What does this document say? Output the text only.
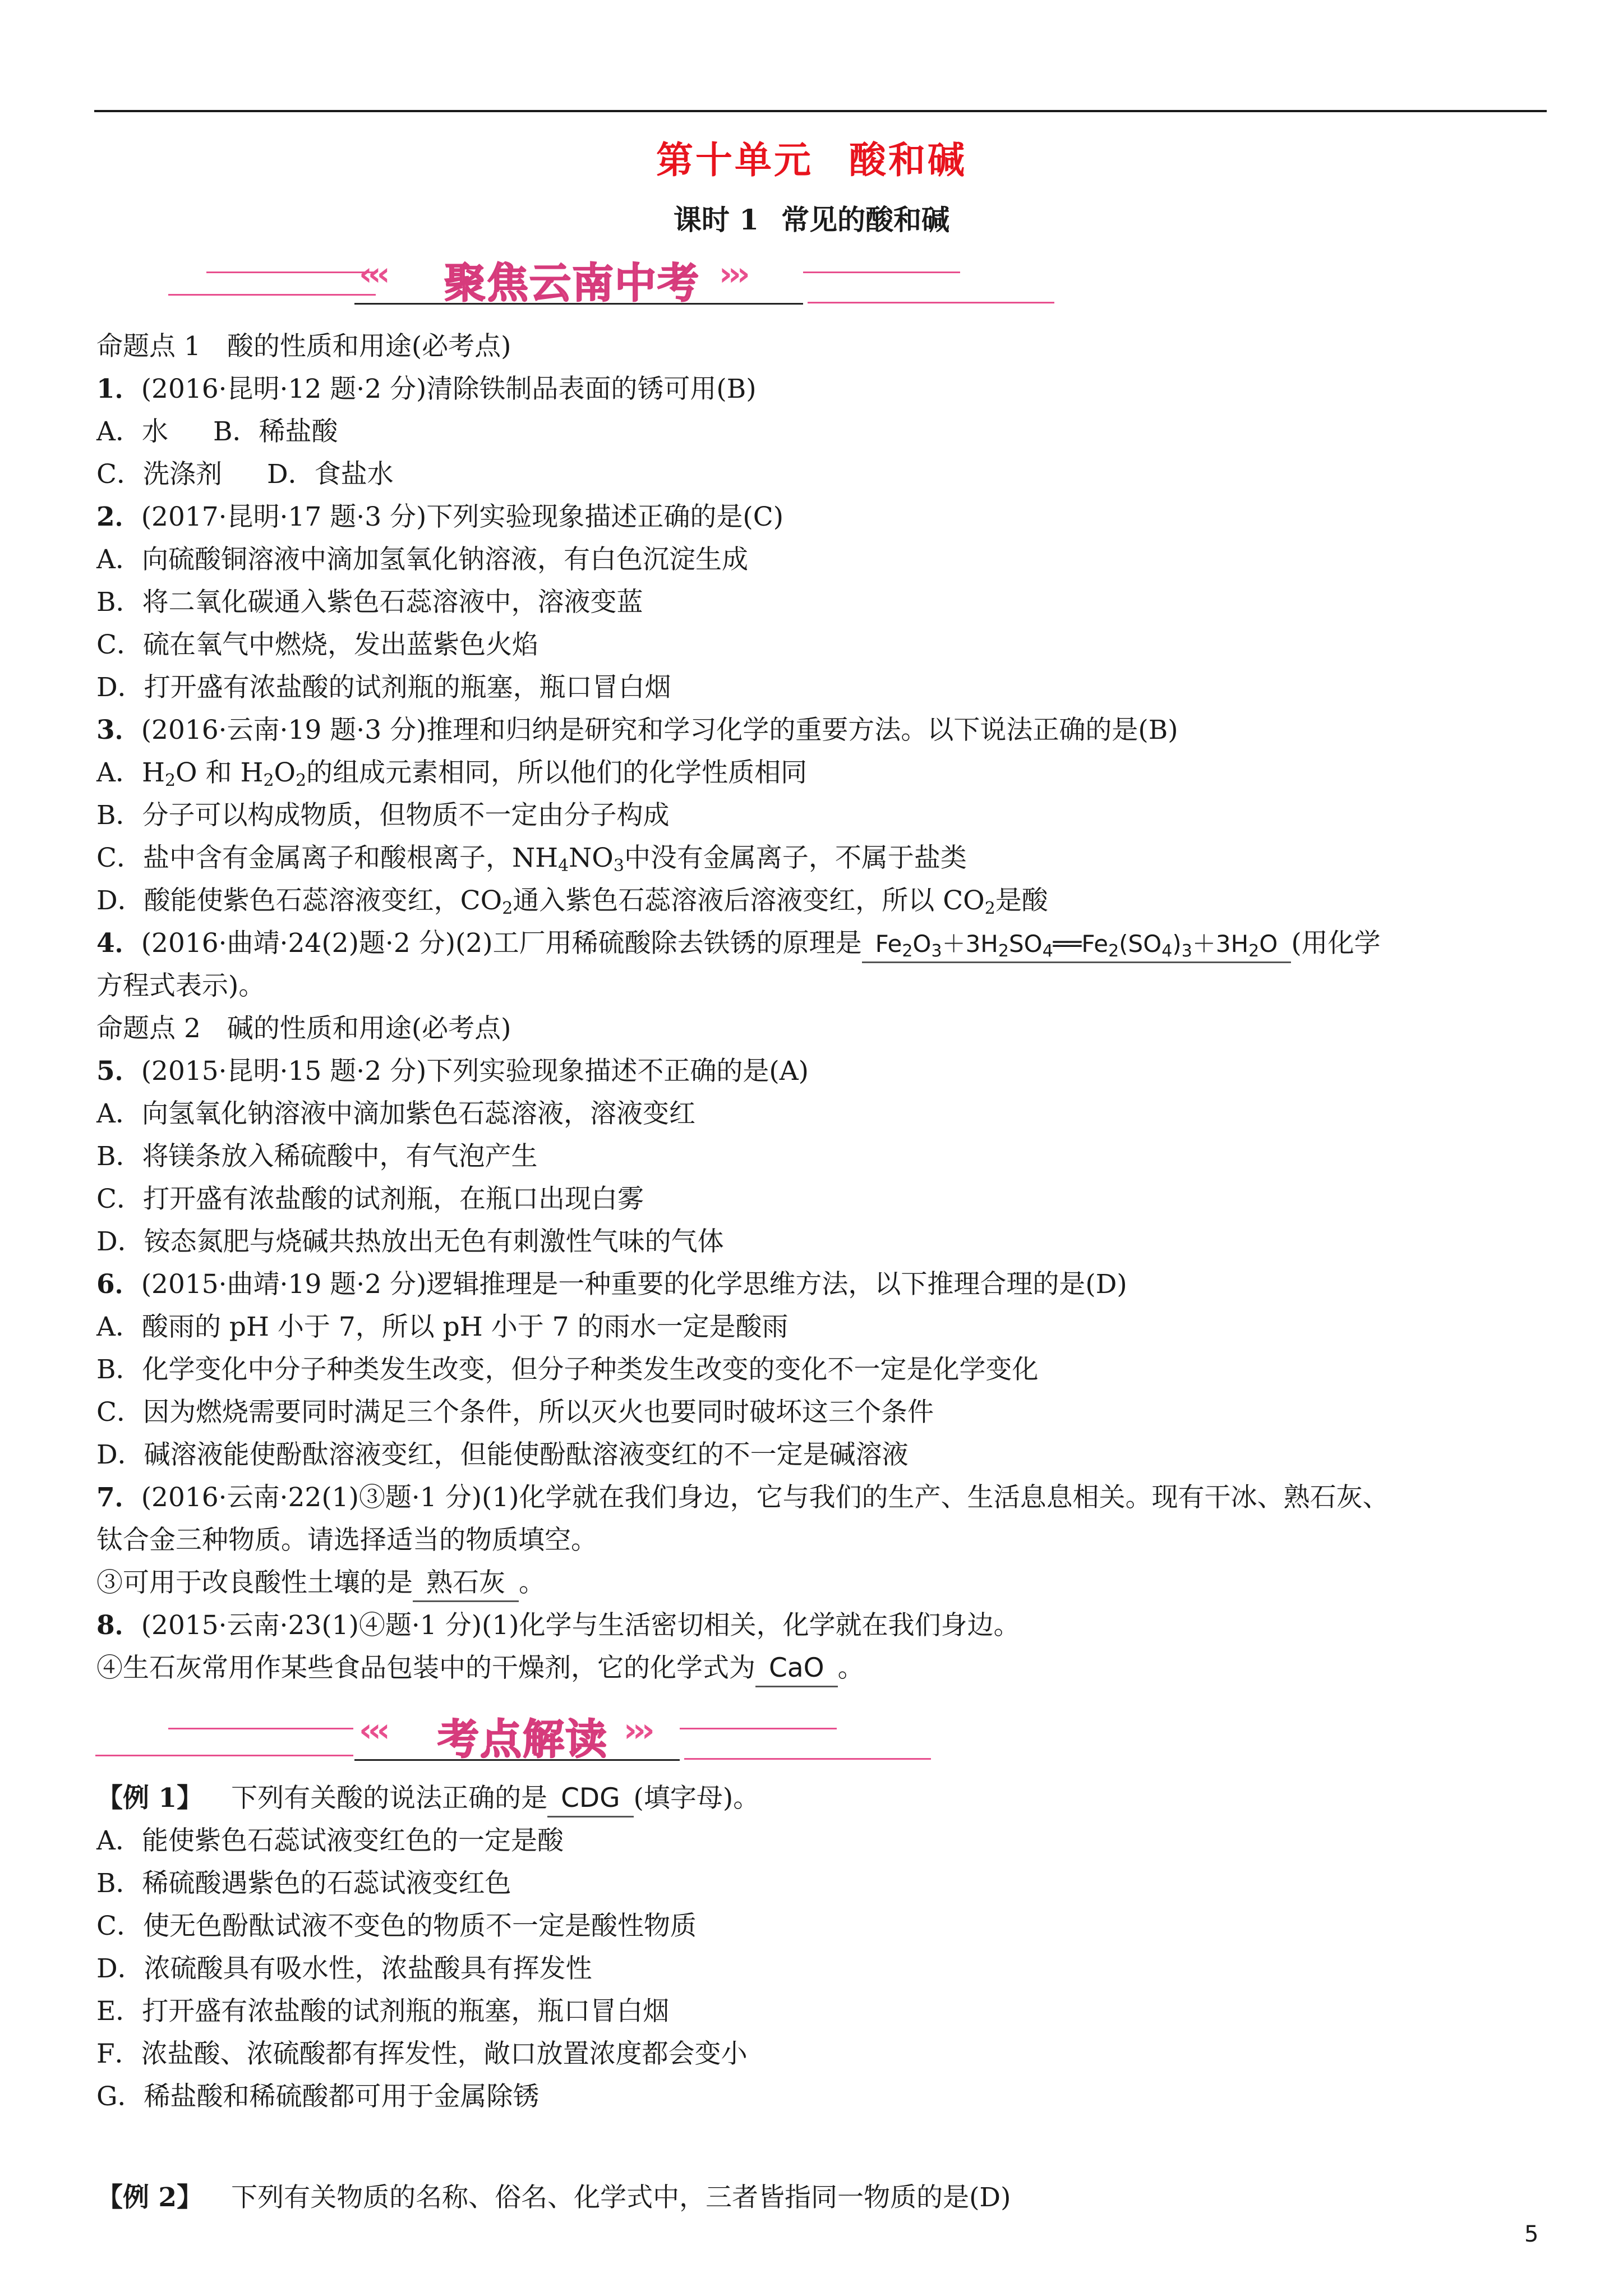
第十单元 酸和碱
课时 1 常见的酸和碱
‹‹‹ 聚焦云南中考 ›››
命题点 1　酸的性质和用途(必考点)
1．(2016·昆明·12 题·2 分)清除铁制品表面的锈可用(B)
A．水 B．稀盐酸
C．洗涤剂 D．食盐水
2．(2017·昆明·17 题·3 分)下列实验现象描述正确的是(C)
A．向硫酸铜溶液中滴加氢氧化钠溶液，有白色沉淀生成
B．将二氧化碳通入紫色石蕊溶液中，溶液变蓝
C．硫在氧气中燃烧，发出蓝紫色火焰
D．打开盛有浓盐酸的试剂瓶的瓶塞，瓶口冒白烟
3．(2016·云南·19 题·3 分)推理和归纳是研究和学习化学的重要方法。以下说法正确的是(B)
A．$H_2O$ 和 $H_2O_2$的组成元素相同，所以他们的化学性质相同
B．分子可以构成物质，但物质不一定由分子构成
C．盐中含有金属离子和酸根离子，$NH_4NO_3$中没有金属离子，不属于盐类
D．酸能使紫色石蕊溶液变红，$CO_2$通入紫色石蕊溶液后溶液变红，所以 $CO_2$是酸
4．(2016·曲靖·24(2)题·2 分)(2)工厂用稀硫酸除去铁锈的原理是 $Fe_2O_3+3H_2SO_4══Fe_2(SO_4)_3+3H_2O$ (用化学
方程式表示)。
命题点 2　碱的性质和用途(必考点)
5．(2015·昆明·15 题·2 分)下列实验现象描述不正确的是(A)
A．向氢氧化钠溶液中滴加紫色石蕊溶液，溶液变红
B．将镁条放入稀硫酸中，有气泡产生
C．打开盛有浓盐酸的试剂瓶，在瓶口出现白雾
D．铵态氮肥与烧碱共热放出无色有刺激性气味的气体
6．(2015·曲靖·19 题·2 分)逻辑推理是一种重要的化学思维方法，以下推理合理的是(D)
A．酸雨的 pH 小于 7，所以 pH 小于 7 的雨水一定是酸雨
B．化学变化中分子种类发生改变，但分子种类发生改变的变化不一定是化学变化
C．因为燃烧需要同时满足三个条件，所以灭火也要同时破坏这三个条件
D．碱溶液能使酚酞溶液变红，但能使酚酞溶液变红的不一定是碱溶液
7．(2016·云南·22(1)③题·1 分)(1)化学就在我们身边，它与我们的生产、生活息息相关。现有干冰、熟石灰、
钛合金三种物质。请选择适当的物质填空。
③可用于改良酸性土壤的是 熟石灰 。
8．(2015·云南·23(1)④题·1 分)(1)化学与生活密切相关，化学就在我们身边。
④生石灰常用作某些食品包装中的干燥剂，它的化学式为 CaO 。
‹‹‹ 考点解读 ›››
【例 1】 下列有关酸的说法正确的是 CDG (填字母)。
A．能使紫色石蕊试液变红色的一定是酸
B．稀硫酸遇紫色的石蕊试液变红色
C．使无色酚酞试液不变色的物质不一定是酸性物质
D．浓硫酸具有吸水性，浓盐酸具有挥发性
E．打开盛有浓盐酸的试剂瓶的瓶塞，瓶口冒白烟
F．浓盐酸、浓硫酸都有挥发性，敞口放置浓度都会变小
G．稀盐酸和稀硫酸都可用于金属除锈
【例 2】 下列有关物质的名称、俗名、化学式中，三者皆指同一物质的是(D)
5
